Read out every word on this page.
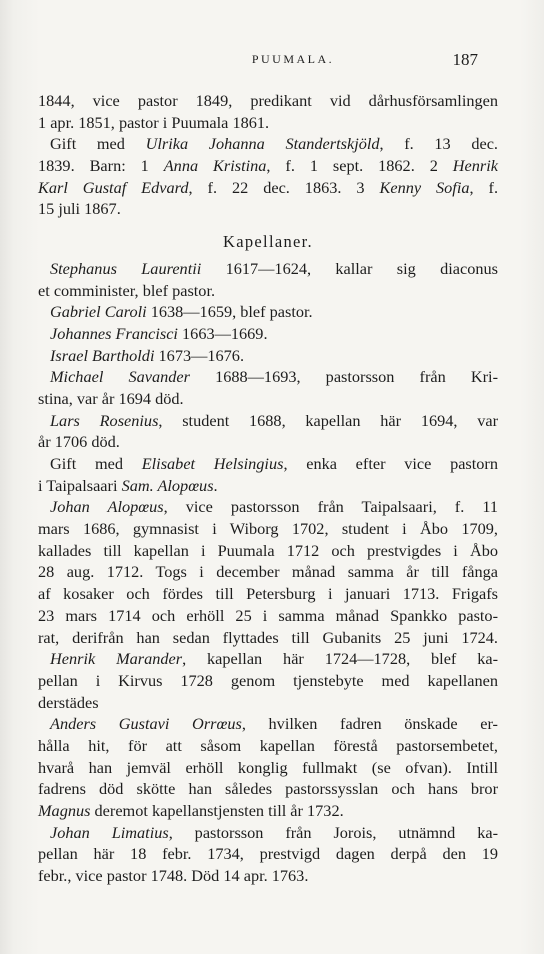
PUUMALA.	187
1844, vice pastor 1849, predikant vid dårhusförsamlingen
1 apr. 1851, pastor i Puumala 1861.
Gift med Ulrika Johanna Standertskjöld, f. 13 dec.
1839. Barn: 1 Anna Kristina, f. 1 sept. 1862. 2 Henrik
Karl Gustaf Edvard, f. 22 dec. 1863. 3 Kenny Sofia, f.
15 juli 1867.
Kapellaner.
Stephanus Laurentii 1617—1624, kallar sig diaconus
et comminister, blef pastor.
Gabriel Caroli 1638—1659, blef pastor.
Johannes Francisci 1663—1669.
Israel Bartholdi 1673—1676.
Michael Savander 1688—1693, pastorsson från Kri-
stina, var år 1694 död.
Lars Rosenius, student 1688, kapellan här 1694, var
år 1706 död.
Gift med Elisabet Helsingius, enka efter vice pastorn
i Taipalsaari Sam. Alopœus.
Johan Alopœus, vice pastorsson från Taipalsaari, f. 11
mars 1686, gymnasist i Wiborg 1702, student i Åbo 1709,
kallades till kapellan i Puumala 1712 och prestvigdes i Åbo
28 aug. 1712. Togs i december månad samma år till fånga
af kosaker och fördes till Petersburg i januari 1713. Frigafs
23 mars 1714 och erhöll 25 i samma månad Spankko pasto-
rat, derifrån han sedan flyttades till Gubanits 25 juni 1724.
Henrik Marander, kapellan här 1724—1728, blef ka-
pellan i Kirvus 1728 genom tjenstebyte med kapellanen
derstädes
Anders Gustavi Orrœus, hvilken fadren önskade er-
hålla hit, för att såsom kapellan förestå pastorsembetet,
hvarå han jemväl erhöll konglig fullmakt (se ofvan). Intill
fadrens död skötte han således pastorssysslan och hans bror
Magnus deremot kapellanstjensten till år 1732.
Johan Limatius, pastorsson från Jorois, utnämnd ka-
pellan här 18 febr. 1734, prestvigd dagen derpå den 19
febr., vice pastor 1748. Död 14 apr. 1763.
